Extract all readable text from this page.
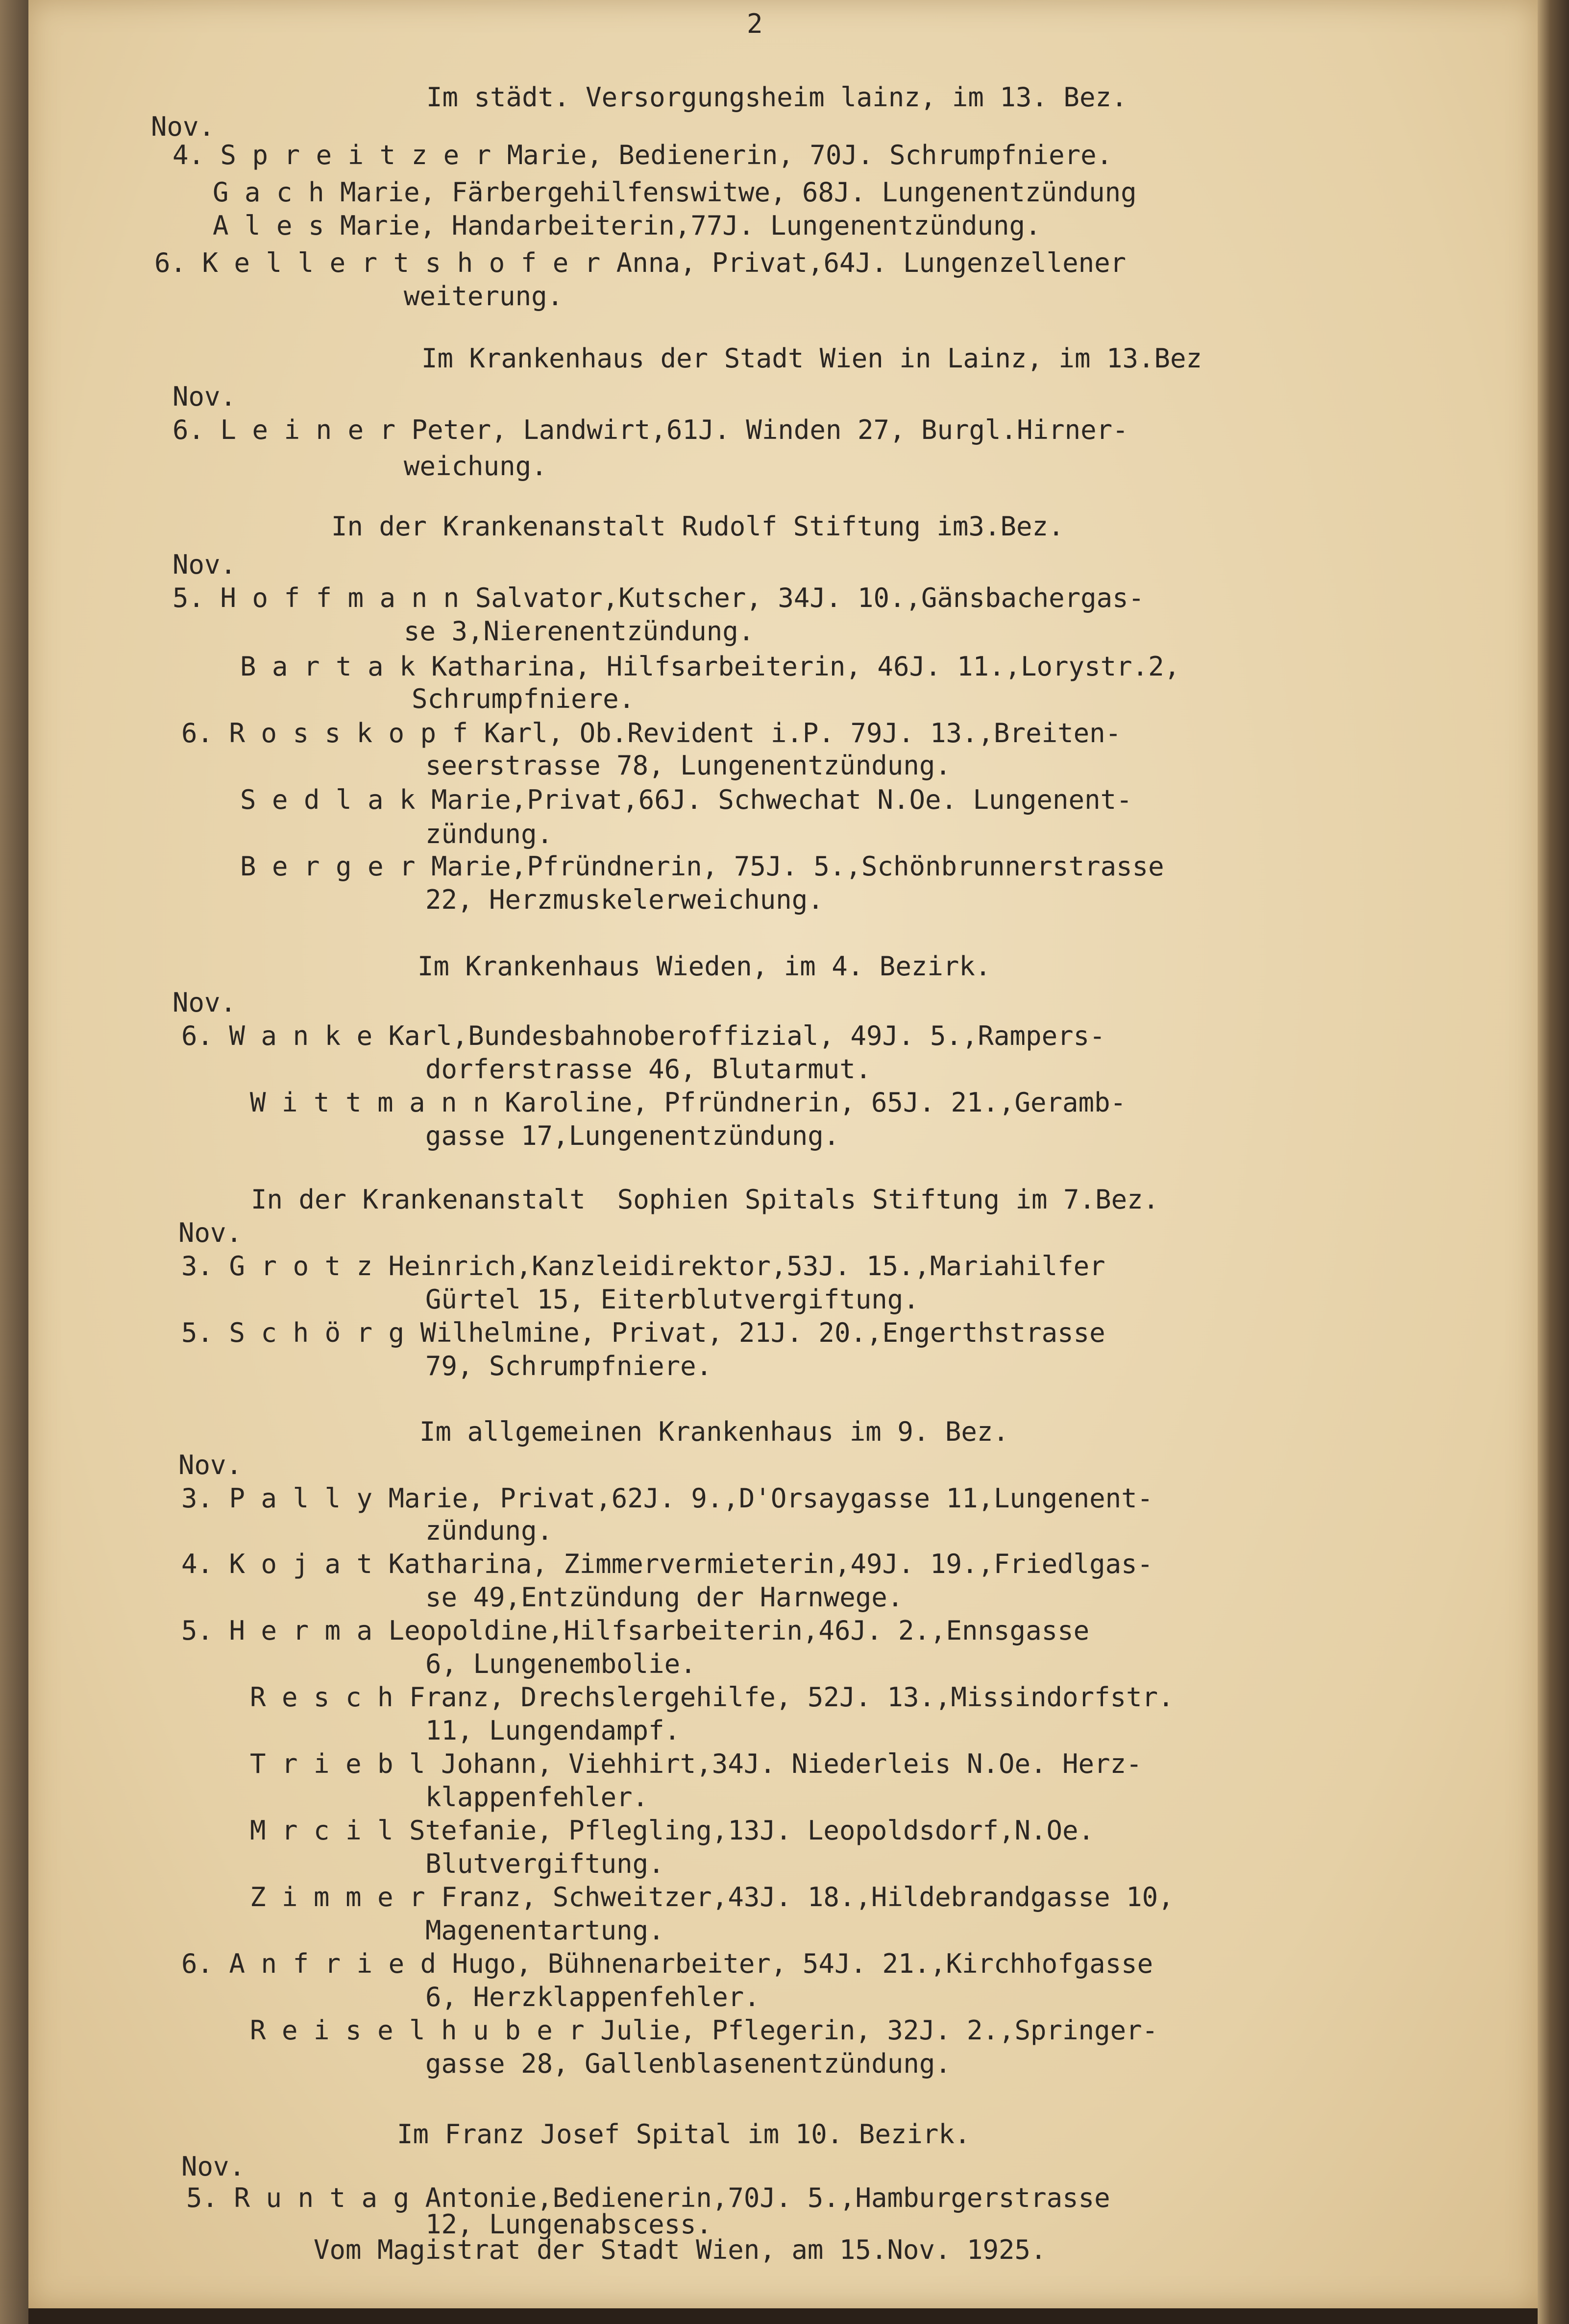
2
Im städt. Versorgungsheim lainz, im 13. Bez.
Nov.
4. S p r e i t z e r Marie, Bedienerin, 70J. Schrumpfniere.
G a c h Marie, Färbergehilfenswitwe, 68J. Lungenentzündung
A l e s Marie, Handarbeiterin,77J. Lungenentzündung.
6. K e l l e r t s h o f e r Anna, Privat,64J. Lungenzellener
weiterung.
Im Krankenhaus der Stadt Wien in Lainz, im 13.Bez
Nov.
6. L e i n e r Peter, Landwirt,61J. Winden 27, Burgl.Hirner-
weichung.
In der Krankenanstalt Rudolf Stiftung im3.Bez.
Nov.
5. H o f f m a n n Salvator,Kutscher, 34J. 10.,Gänsbachergas-
se 3,Nierenentzündung.
B a r t a k Katharina, Hilfsarbeiterin, 46J. 11.,Lorystr.2,
Schrumpfniere.
6. R o s s k o p f Karl, Ob.Revident i.P. 79J. 13.,Breiten-
seerstrasse 78, Lungenentzündung.
S e d l a k Marie,Privat,66J. Schwechat N.Oe. Lungenent-
zündung.
B e r g e r Marie,Pfründnerin, 75J. 5.,Schönbrunnerstrasse
22, Herzmuskelerweichung.
Im Krankenhaus Wieden, im 4. Bezirk.
Nov.
6. W a n k e Karl,Bundesbahnoberoffizial, 49J. 5.,Rampers-
dorferstrasse 46, Blutarmut.
W i t t m a n n Karoline, Pfründnerin, 65J. 21.,Geramb-
gasse 17,Lungenentzündung.
In der Krankenanstalt  Sophien Spitals Stiftung im 7.Bez.
Nov.
3. G r o t z Heinrich,Kanzleidirektor,53J. 15.,Mariahilfer
Gürtel 15, Eiterblutvergiftung.
5. S c h ö r g Wilhelmine, Privat, 21J. 20.,Engerthstrasse
79, Schrumpfniere.
Im allgemeinen Krankenhaus im 9. Bez.
Nov.
3. P a l l y Marie, Privat,62J. 9.,D'Orsaygasse 11,Lungenent-
zündung.
4. K o j a t Katharina, Zimmervermieterin,49J. 19.,Friedlgas-
se 49,Entzündung der Harnwege.
5. H e r m a Leopoldine,Hilfsarbeiterin,46J. 2.,Ennsgasse
6, Lungenembolie.
R e s c h Franz, Drechslergehilfe, 52J. 13.,Missindorfstr.
11, Lungendampf.
T r i e b l Johann, Viehhirt,34J. Niederleis N.Oe. Herz-
klappenfehler.
M r c i l Stefanie, Pflegling,13J. Leopoldsdorf,N.Oe.
Blutvergiftung.
Z i m m e r Franz, Schweitzer,43J. 18.,Hildebrandgasse 10,
Magenentartung.
6. A n f r i e d Hugo, Bühnenarbeiter, 54J. 21.,Kirchhofgasse
6, Herzklappenfehler.
R e i s e l h u b e r Julie, Pflegerin, 32J. 2.,Springer-
gasse 28, Gallenblasenentzündung.
Im Franz Josef Spital im 10. Bezirk.
Nov.
5. R u n t a g Antonie,Bedienerin,70J. 5.,Hamburgerstrasse
12, Lungenabscess.
Vom Magistrat der Stadt Wien, am 15.Nov. 1925.
